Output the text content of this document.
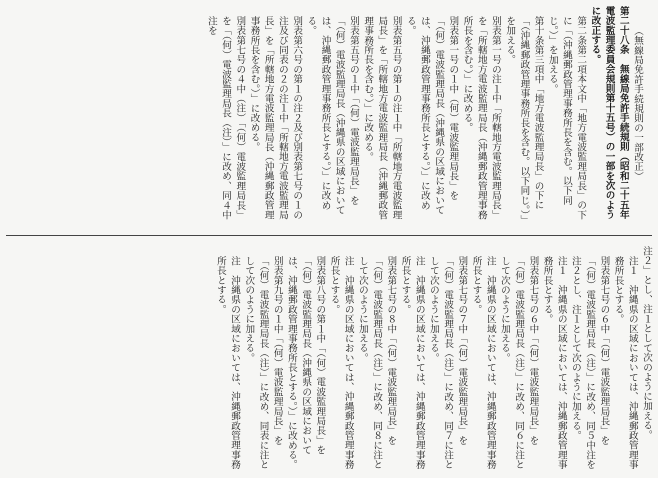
（無線局免許手続規則の一部改正）
第二十八条　無線局免許手続規則（昭和二十五年電波監理委員会規則第十五号）の一部を次のように改正する。
第二条第二項本文中「地方電波監理局長」の下に「（沖縄郵政管理事務所長を含む。以下同じ。）」を加える。
第十条第三項中「地方電波監理局長」の下に「（沖縄郵政管理事務所長を含む。以下同じ。）」を加える。
別表第一号の注１中「所轄地方電波監理局長」を「所轄地方電波監理局長（沖縄郵政管理事務所長を含む。）」に改める。
別表第一号の１中（何）電波監理局長」を「（何）電波監理局長（沖縄県の区域においては、沖縄郵政管理事務所長とする。）」に改める。
別表第五号の第１の注１中「所轄地方電波監理局長」を「所轄地方電波監理局長（沖縄郵政管理事務所長を含む。）」に改める。
別表第五号の１中「（何）電波監理局長」を「（何）電波監理局長（沖縄県の区域においては、沖縄郵政管理事務所長とする。）」に改める。
別表第六号の第１の注２及び別表第七号の１の注及び同表の２の注１中「所轄地方電波監理局長」を「所轄地方電波監理局長（沖縄郵政管理事務所長を含む。）」に改める。
別表第七号の４中（注）「（何）電波監理局長」を「（何）電波監理局長（注）」に改め、同４中注を
注２」とし、注１として次のように加える。
注１　沖縄県の区域においては、沖縄郵政管理事務所長とする。
別表第七号の６中「（何）電波監理局長」を「（何）電波監理局長（注）」に改め、同５中注を注２とし、注１として次のように加える。
注１　沖縄県の区域においては、沖縄郵政管理事務所長とする。
別表第七号の６中「（何）電波監理局長」を「（何）電波監理局長（注）」に改め、同６に注として次のように加える。
注　沖縄県の区域においては、沖縄郵政管理事務所長とする。
別表第七号の７中「（何）電波監理局長」を「（何）電波監理局長（注）」に改め、同７に注として次のように加える。
注　沖縄県の区域においては、沖縄郵政管理事務所長とする。
別表第七号の８中「（何）電波監理局長」を「（何）電波監理局長（注）」に改め、同８に注として次のように加える。
注　沖縄県の区域においては、沖縄郵政管理事務所長とする。
別表第八号の第１中「（何）電波監理局長」を「（何）電波監理局長（沖縄県の区域においては、沖縄郵政管理事務所長とする。）」に改める。
別表第九号の１中「（何）電波監理局長」を「（何）電波監理局長（注）」に改め、同表に注として次のように加える。
注　沖縄県の区域においては、沖縄郵政管理事務所長とする。
